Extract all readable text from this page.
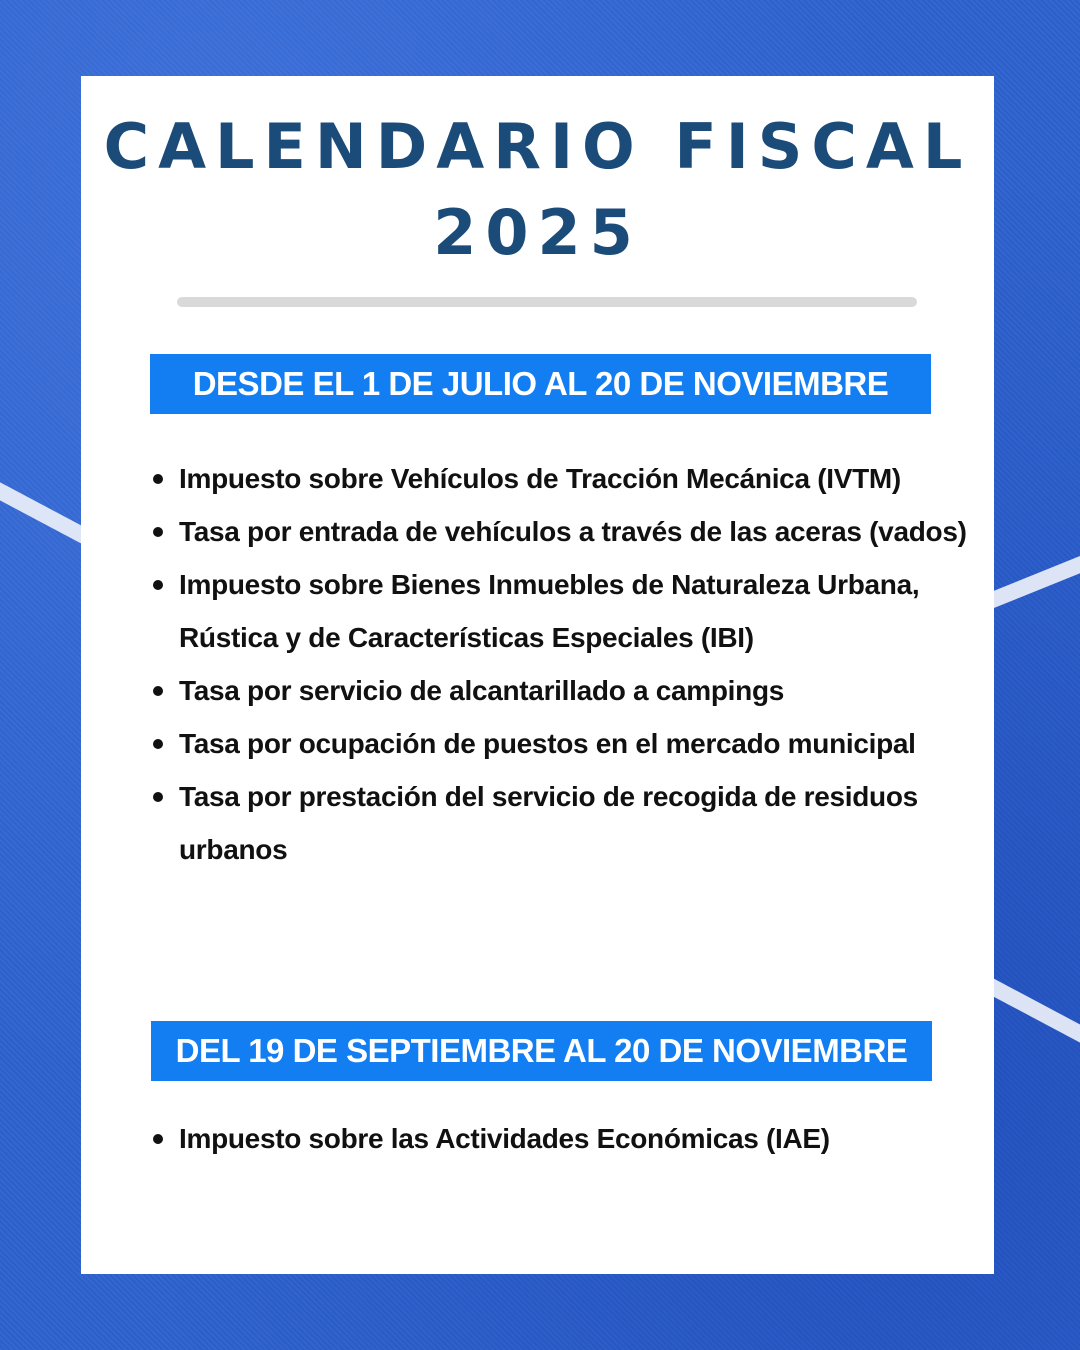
CALENDARIO FISCAL
2025
DESDE EL 1 DE JULIO AL 20 DE NOVIEMBRE
Impuesto sobre Vehículos de Tracción Mecánica (IVTM)
Tasa por entrada de vehículos a través de las aceras (vados)
Impuesto sobre Bienes Inmuebles de Naturaleza Urbana, Rústica y de Características Especiales (IBI)
Tasa por servicio de alcantarillado a campings
Tasa por ocupación de puestos en el mercado municipal
Tasa por prestación del servicio de recogida de residuos urbanos
DEL 19 DE SEPTIEMBRE AL 20 DE NOVIEMBRE
Impuesto sobre las Actividades Económicas (IAE)
